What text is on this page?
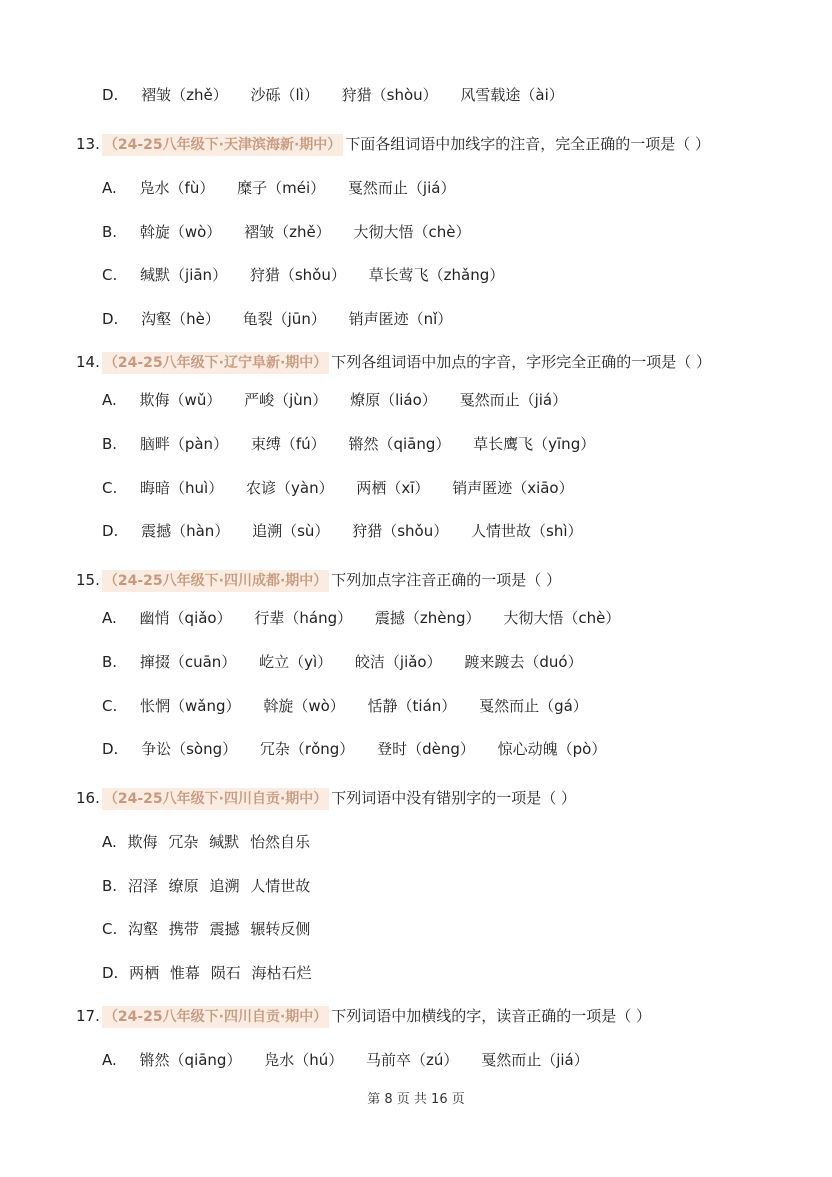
D. 褶皱（zhě） 沙砾（lì） 狩猎（shòu） 风雪载途（ài）
13. （24-25八年级下·天津滨海新·期中） 下面各组词语中加线字的注音，完全正确的一项是（ ）
A. 凫水（fù） 糜子（méi） 戛然而止（jiá）
B. 斡旋（wò） 褶皱（zhě） 大彻大悟（chè）
C. 缄默（jiān） 狩猎（shǒu） 草长莺飞（zhǎng）
D. 沟壑（hè） 龟裂（jūn） 销声匿迹（nǐ）
14. （24-25八年级下·辽宁阜新·期中） 下列各组词语中加点的字音，字形完全正确的一项是（ ）
A. 欺侮（wǔ） 严峻（jùn） 燎原（liáo） 戛然而止（jiá）
B. 脑畔（pàn） 束缚（fú） 锵然（qiāng） 草长鹰飞（yīng）
C. 晦暗（huì） 农谚（yàn） 两栖（xī） 销声匿迹（xiāo）
D. 震撼（hàn） 追溯（sù） 狩猎（shǒu） 人情世故（shì）
15. （24-25八年级下·四川成都·期中） 下列加点字注音正确的一项是（ ）
A. 幽悄（qiǎo） 行辈（háng） 震撼（zhèng） 大彻大悟（chè）
B. 撺掇（cuān） 屹立（yì） 皎洁（jiǎo） 踱来踱去（duó）
C. 怅惘（wǎng） 斡旋（wò） 恬静（tián） 戛然而止（gá）
D. 争讼（sòng） 冗杂（rǒng） 登时（dèng） 惊心动魄（pò）
16. （24-25八年级下·四川自贡·期中） 下列词语中没有错别字的一项是（ ）
A. 欺侮 冗杂 缄默 怡然自乐
B. 沼泽 缭原 追溯 人情世故
C. 沟壑 携带 震撼 辗转反侧
D. 两栖 惟幕 陨石 海枯石烂
17. （24-25八年级下·四川自贡·期中） 下列词语中加横线的字，读音正确的一项是（ ）
A. 锵然（qiāng） 凫水（hú） 马前卒（zú） 戛然而止（jiá）
第 8 页 共 16 页
